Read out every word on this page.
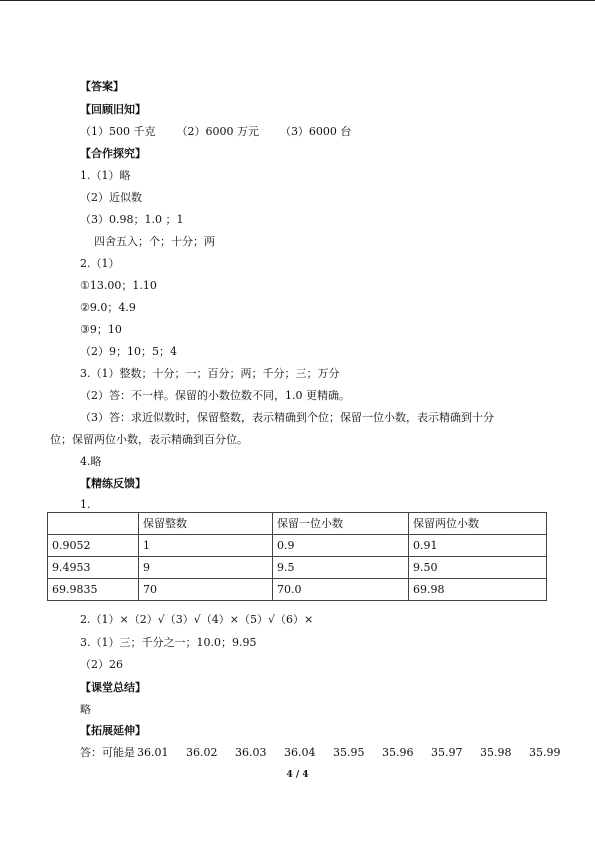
【答案】
【回顾旧知】
（1）500 千克      （2）6000 万元      （3）6000 台
【合作探究】
1.（1）略
（2）近似数
（3）0.98；1.0 ；1
四舍五入；个；十分；两
2.（1）
①13.00；1.10
②9.0；4.9
③9；10
（2）9；10；5；4
3.（1）整数；十分；一；百分；两；千分；三；万分
（2）答：不一样。保留的小数位数不同，1.0 更精确。
（3）答：求近似数时，保留整数，表示精确到个位；保留一位小数，表示精确到十分
位；保留两位小数，表示精确到百分位。
4.略
【精练反馈】
1.
	保留整数	保留一位小数	保留两位小数
0.9052	1	0.9	0.91
9.4953	9	9.5	9.50
69.9835	70	70.0	69.98
2.（1）×（2）√（3）√（4）×（5）√（6）×
3.（1）三；千分之一；10.0；9.95
（2）26
【课堂总结】
略
【拓展延伸】
答：可能是 36.01 36.02 36.03 36.04 35.95 35.96 35.97 35.98 35.99
4 / 4
